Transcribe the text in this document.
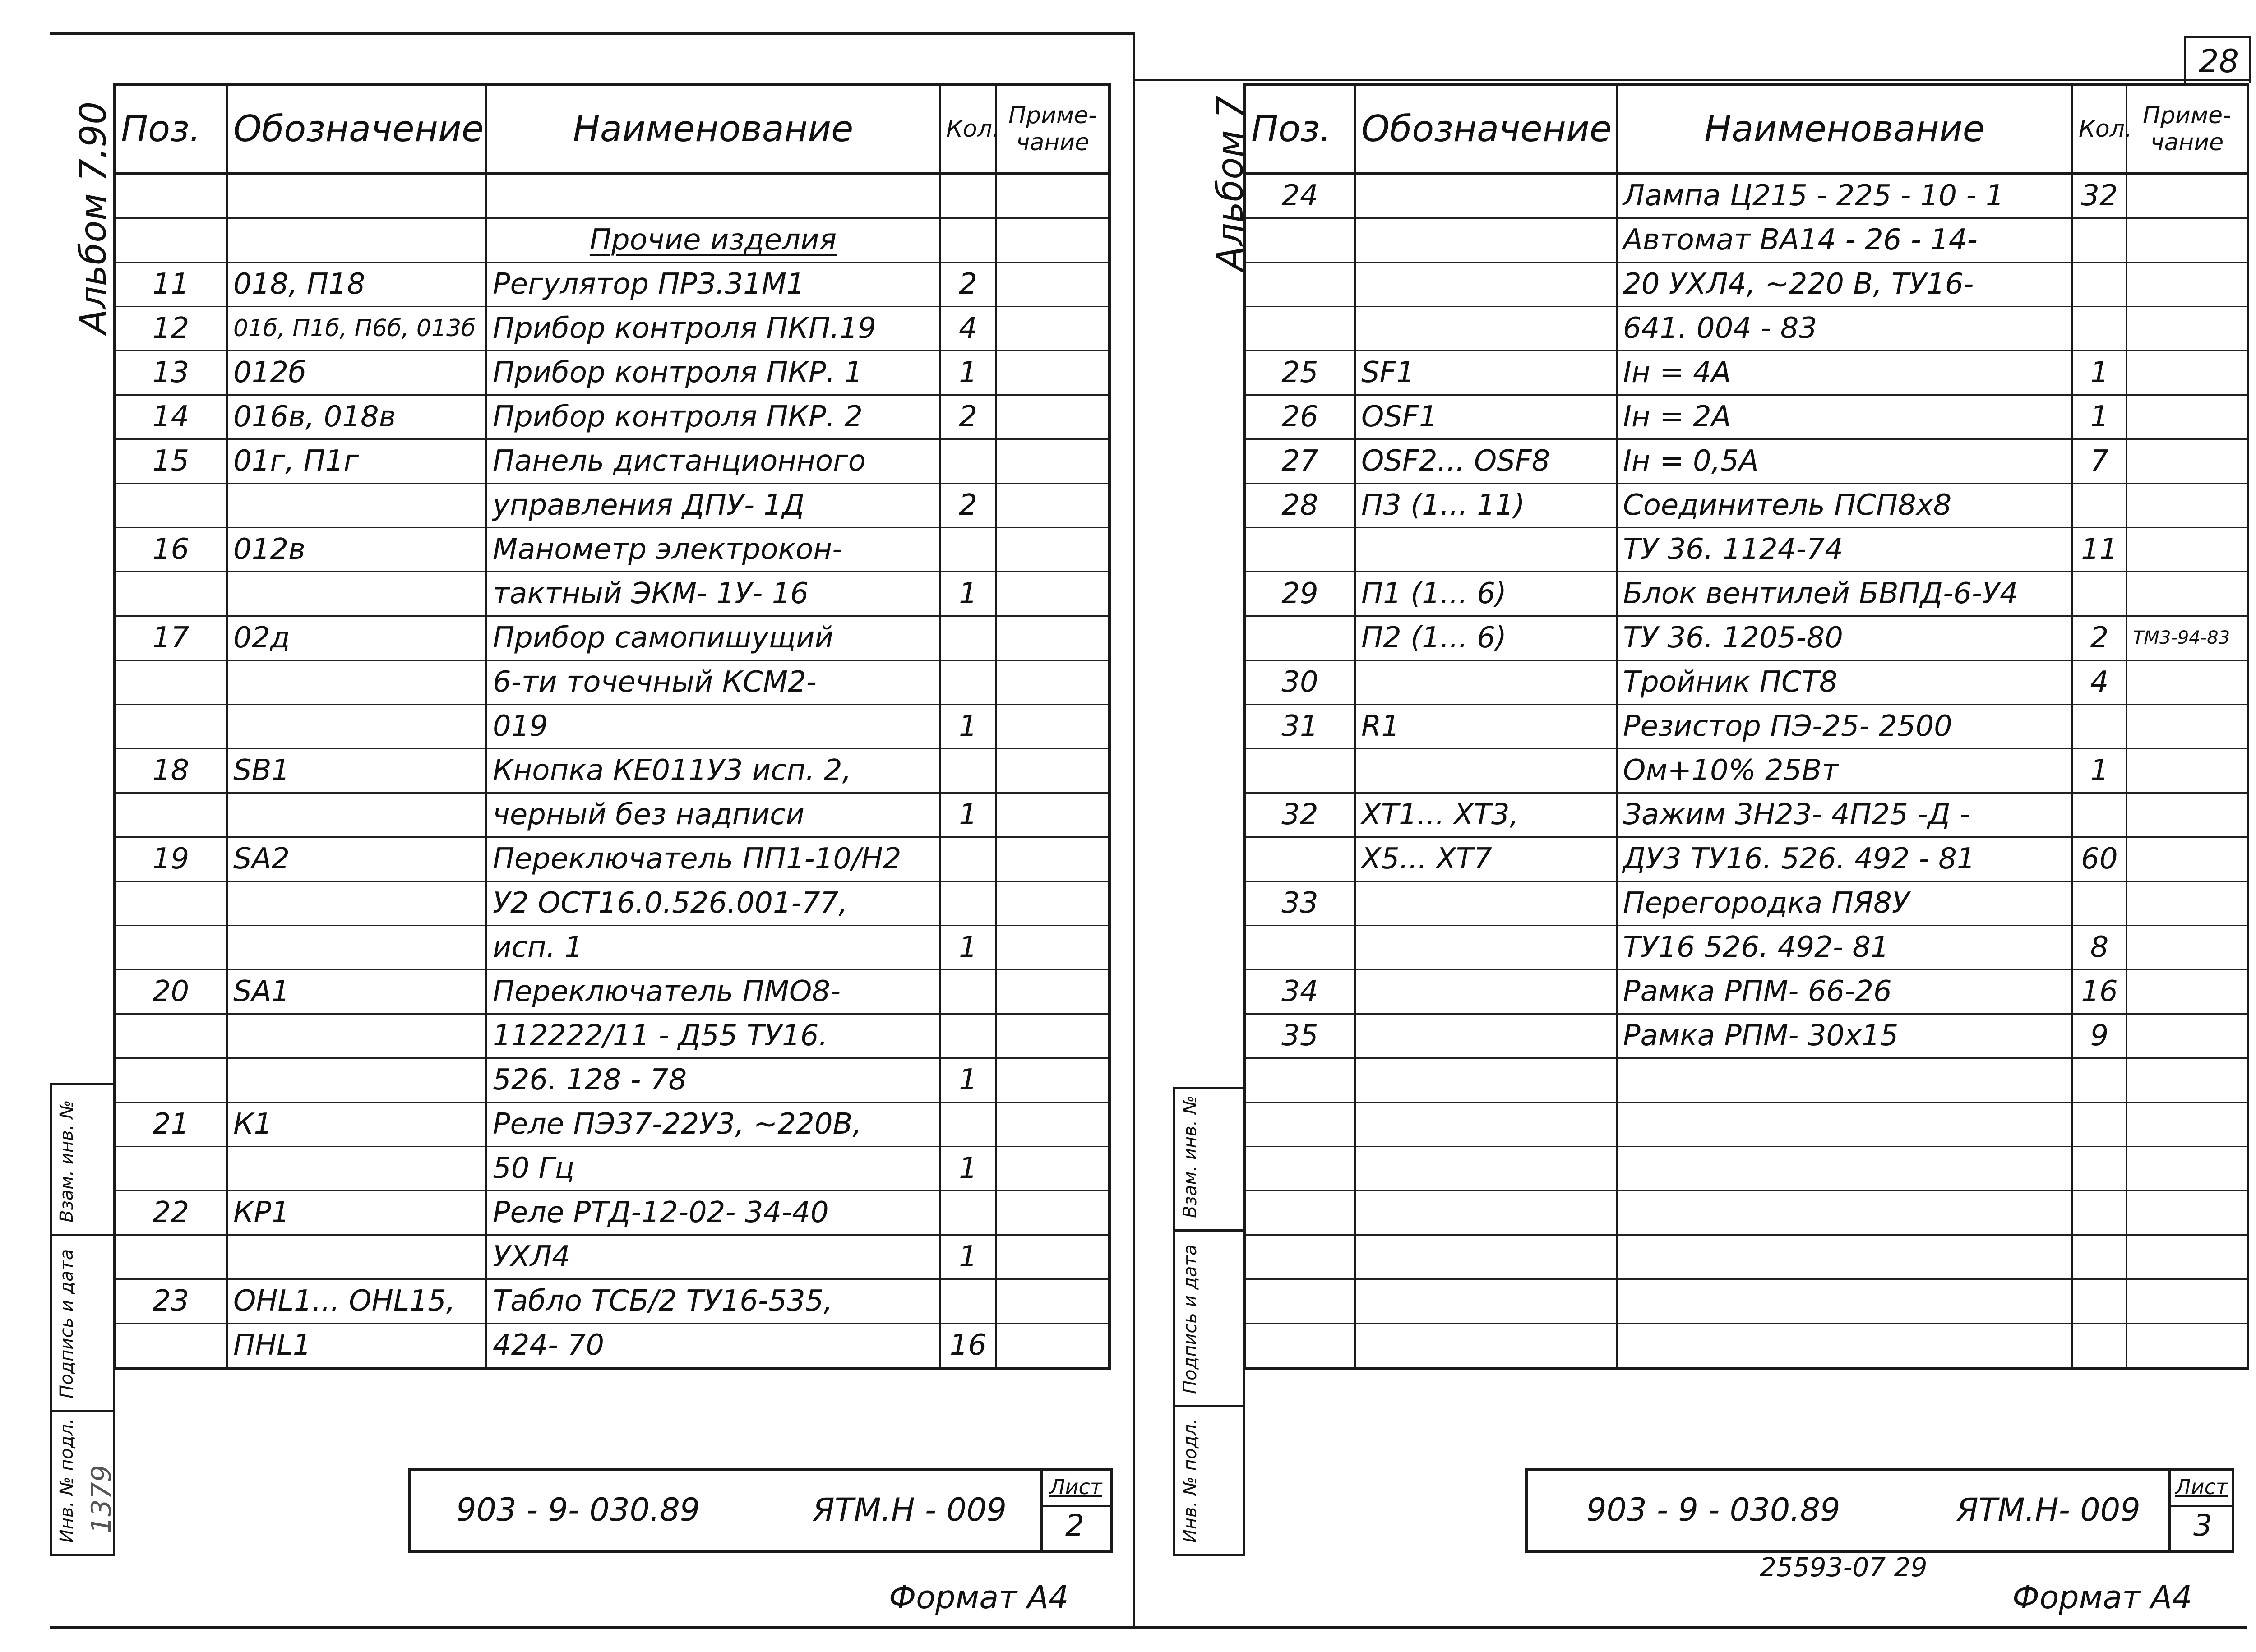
Альбом 7.90 Поз.	Обозначение	Наименование	Кол.	Приме-чание

		Прочие изделия		
11	018, П18	Регулятор ПРЗ.31М1	2	
12	01б, П1б, П6б, 013б	Прибор контроля ПКП.19	4	
13	012б	Прибор контроля ПКР. 1	1	
14	016в, 018в	Прибор контроля ПКР. 2	2	
15	01г, П1г	Панель дистанционного		
		управления ДПУ- 1Д	2	
16	012в	Манометр электрокон-		
		тактный ЭКМ- 1У- 16	1	
17	02д	Прибор самопишущий		
		6-ти точечный КСМ2-		
		019	1	
18	SB1	Кнопка КЕ011У3 исп. 2,		
		черный без надписи	1	
19	SA2	Переключатель ПП1-10/Н2		
		У2 ОСТ16.0.526.001-77,		
		исп. 1	1	
20	SA1	Переключатель ПМО8-		
		112222/11 - Д55 ТУ16.		
		526. 128 - 78	1	
21	К1	Реле ПЭ37-22У3, ~220В,		
		50 Гц	1	
22	КР1	Реле РТД-12-02- 34-40		
		УХЛ4	1	
23	ОНL1... ОНL15,	Табло ТСБ/2 ТУ16-535,		
	ПНL1	424- 70	16	
Взам. инв. №
Подпись и дата
Инв. № подл. 1379	903 - 9- 030.89	ЯТМ.Н - 009
Лист
2
Формат А4
28
Альбом 7 Поз.	Обозначение	Наименование	Кол.	Приме-чание
24		Лампа Ц215 - 225 - 10 - 1	32	
		Автомат ВА14 - 26 - 14-		
		20 УХЛ4, ~220 В, ТУ16-		
		641. 004 - 83		
25	SF1	Iн = 4А	1	
26	OSF1	Iн = 2А	1	
27	OSF2... OSF8	Iн = 0,5А	7	
28	П3 (1... 11)	Соединитель ПСП8х8		
		ТУ 36. 1124-74	11	
29	П1 (1... 6)	Блок вентилей БВПД-6-У4		
	П2 (1... 6)	ТУ 36. 1205-80	2	ТМ3-94-83
30		Тройник ПСТ8	4	
31	R1	Резистор ПЭ-25- 2500		
		Ом+10% 25Вт	1	
32	ХТ1... ХТ3,	Зажим 3Н23- 4П25 -Д -		
	Х5... ХТ7	ДУ3 ТУ16. 526. 492 - 81	60	
33		Перегородка ПЯ8У		
		ТУ16 526. 492- 81	8	
34		Рамка РПМ- 66-26	16	
35		Рамка РПМ- 30х15	9	

Взам. инв. №
Подпись и дата
Инв. № подл.	903 - 9 - 030.89	ЯТМ.Н- 009
Лист
3
25593-07 29
Формат А4
